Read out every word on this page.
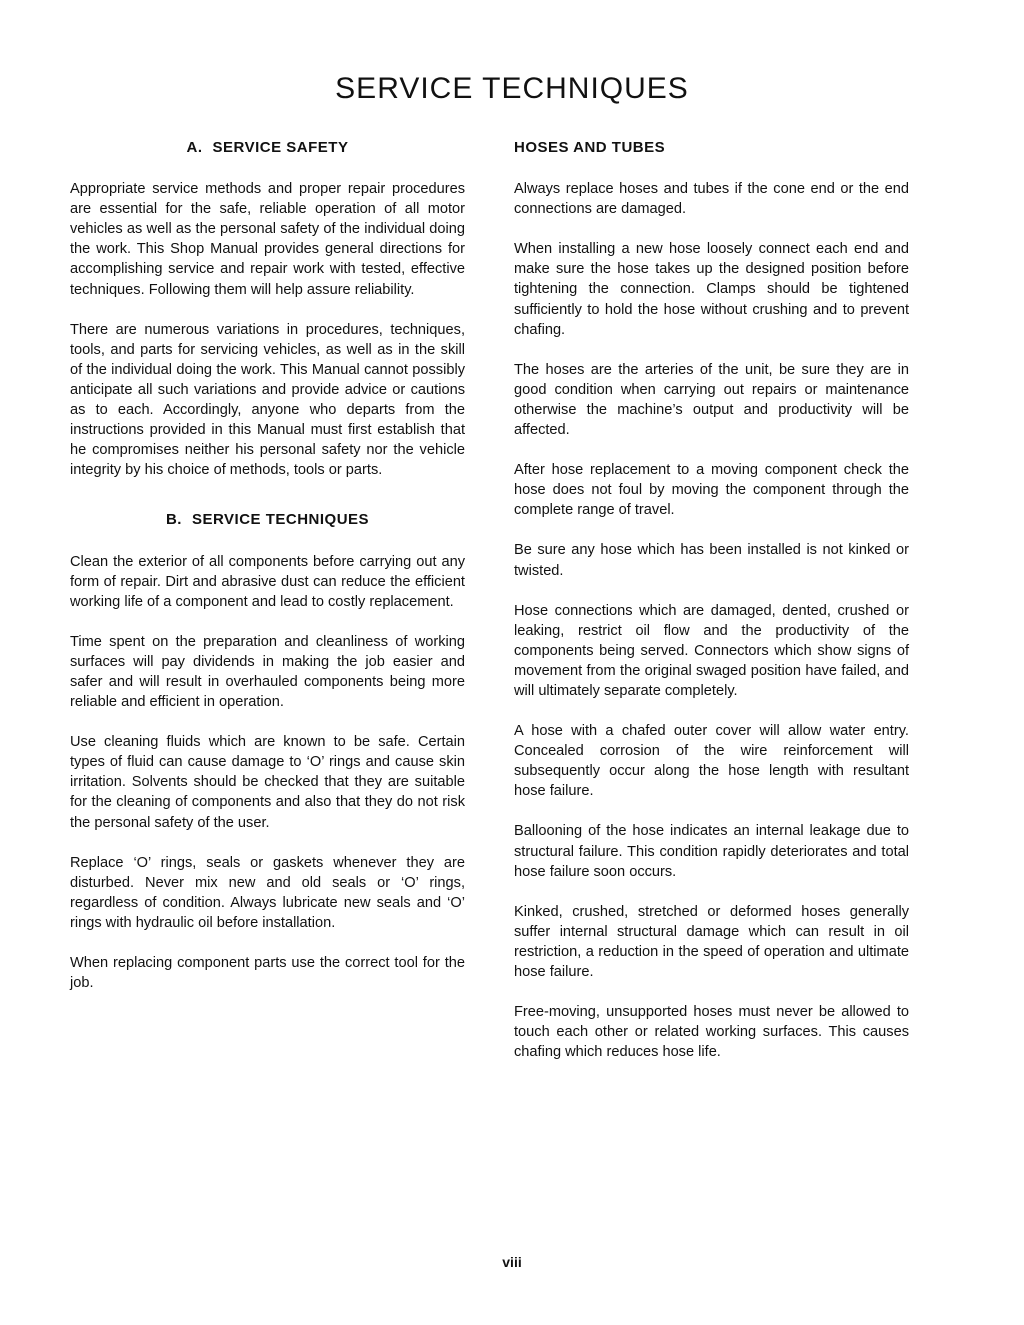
SERVICE TECHNIQUES
A. SERVICE SAFETY

Appropriate service methods and proper repair procedures are essential for the safe, reliable operation of all motor vehicles as well as the personal safety of the individual doing the work. This Shop Manual provides general directions for accomplishing service and repair work with tested, effective techniques. Following them will help assure reliability.

There are numerous variations in procedures, techniques, tools, and parts for servicing vehicles, as well as in the skill of the individual doing the work. This Manual cannot possibly anticipate all such variations and provide advice or cautions as to each. Accordingly, anyone who departs from the instructions provided in this Manual must first establish that he compromises neither his personal safety nor the vehicle integrity by his choice of methods, tools or parts.

B. SERVICE TECHNIQUES

Clean the exterior of all components before carrying out any form of repair. Dirt and abrasive dust can reduce the efficient working life of a component and lead to costly replacement.

Time spent on the preparation and cleanliness of working surfaces will pay dividends in making the job easier and safer and will result in overhauled components being more reliable and efficient in operation.

Use cleaning fluids which are known to be safe. Certain types of fluid can cause damage to ‘O’ rings and cause skin irritation. Solvents should be checked that they are suitable for the cleaning of components and also that they do not risk the personal safety of the user.

Replace ‘O’ rings, seals or gaskets whenever they are disturbed. Never mix new and old seals or ‘O’ rings, regardless of condition. Always lubricate new seals and ‘O’ rings with hydraulic oil before installation.

When replacing component parts use the correct tool for the job.

HOSES AND TUBES

Always replace hoses and tubes if the cone end or the end connections are damaged.

When installing a new hose loosely connect each end and make sure the hose takes up the designed position before tightening the connection. Clamps should be tightened sufficiently to hold the hose without crushing and to prevent chafing.

The hoses are the arteries of the unit, be sure they are in good condition when carrying out repairs or maintenance otherwise the machine’s output and productivity will be affected.

After hose replacement to a moving component check the hose does not foul by moving the component through the complete range of travel.

Be sure any hose which has been installed is not kinked or twisted.

Hose connections which are damaged, dented, crushed or leaking, restrict oil flow and the productivity of the components being served. Connectors which show signs of movement from the original swaged position have failed, and will ultimately separate completely.

A hose with a chafed outer cover will allow water entry. Concealed corrosion of the wire reinforcement will subsequently occur along the hose length with resultant hose failure.

Ballooning of the hose indicates an internal leakage due to structural failure. This condition rapidly deteriorates and total hose failure soon occurs.

Kinked, crushed, stretched or deformed hoses generally suffer internal structural damage which can result in oil restriction, a reduction in the speed of operation and ultimate hose failure.

Free-moving, unsupported hoses must never be allowed to touch each other or related working surfaces. This causes chafing which reduces hose life.

viii
